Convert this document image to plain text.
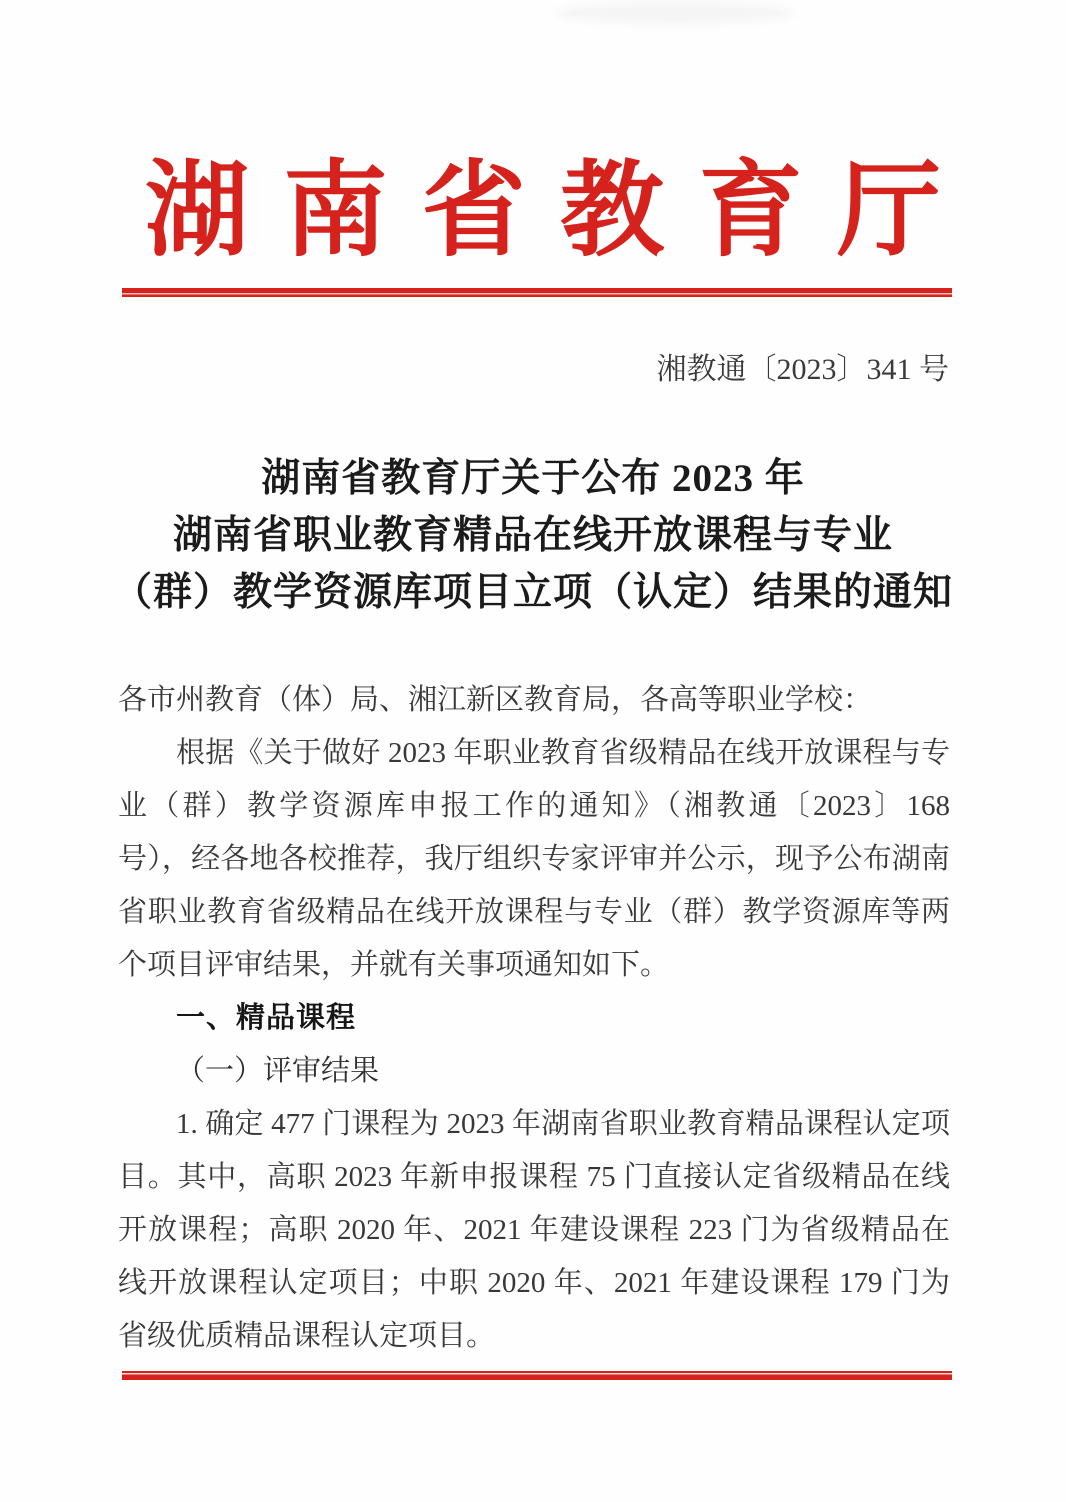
湖 南 省 教 育 厅
湘教通〔2023〕341 号
湖南省教育厅关于公布 2023 年
湖南省职业教育精品在线开放课程与专业
（群）教学资源库项目立项（认定）结果的通知

各市州教育（体）局、湘江新区教育局，各高等职业学校：

根据《关于做好 2023 年职业教育省级精品在线开放课程与专业（群）教学资源库申报工作的通知》（湘教通〔2023〕168 号），经各地各校推荐，我厅组织专家评审并公示，现予公布湖南省职业教育省级精品在线开放课程与专业（群）教学资源库等两个项目评审结果，并就有关事项通知如下。

一、精品课程

（一）评审结果

1. 确定 477 门课程为 2023 年湖南省职业教育精品课程认定项目。其中，高职 2023 年新申报课程 75 门直接认定省级精品在线开放课程；高职 2020 年、2021 年建设课程 223 门为省级精品在线开放课程认定项目；中职 2020 年、2021 年建设课程 179 门为省级优质精品课程认定项目。
